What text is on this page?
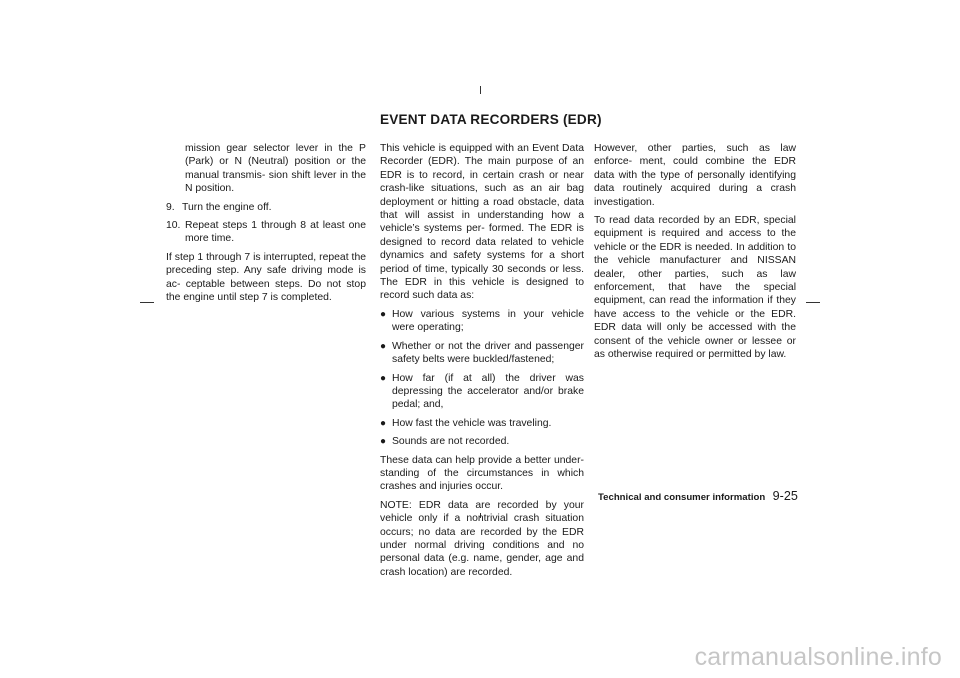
EVENT DATA RECORDERS (EDR)

mission gear selector lever in the P (Park) or N (Neutral) position or the manual transmis- sion shift lever in the N position.

9. Turn the engine off.
10. Repeat steps 1 through 8 at least one more time.

If step 1 through 7 is interrupted, repeat the preceding step. Any safe driving mode is ac- ceptable between steps. Do not stop the engine until step 7 is completed.

This vehicle is equipped with an Event Data Recorder (EDR). The main purpose of an EDR is to record, in certain crash or near crash-like situations, such as an air bag deployment or hitting a road obstacle, data that will assist in understanding how a vehicle’s systems per- formed. The EDR is designed to record data related to vehicle dynamics and safety systems for a short period of time, typically 30 seconds or less. The EDR in this vehicle is designed to record such data as:

● How various systems in your vehicle were operating;
● Whether or not the driver and passenger safety belts were buckled/fastened;
● How far (if at all) the driver was depressing the accelerator and/or brake pedal; and,
● How fast the vehicle was traveling.
● Sounds are not recorded.

These data can help provide a better under- standing of the circumstances in which crashes and injuries occur.

NOTE: EDR data are recorded by your vehicle only if a nontrivial crash situation occurs; no data are recorded by the EDR under normal driving conditions and no personal data (e.g. name, gender, age and crash location) are recorded.

However, other parties, such as law enforce- ment, could combine the EDR data with the type of personally identifying data routinely acquired during a crash investigation.

To read data recorded by an EDR, special equipment is required and access to the vehicle or the EDR is needed. In addition to the vehicle manufacturer and NISSAN dealer, other parties, such as law enforcement, that have the special equipment, can read the information if they have access to the vehicle or the EDR. EDR data will only be accessed with the consent of the vehicle owner or lessee or as otherwise required or permitted by law.

Technical and consumer information 9-25
carmanualsonline.info
